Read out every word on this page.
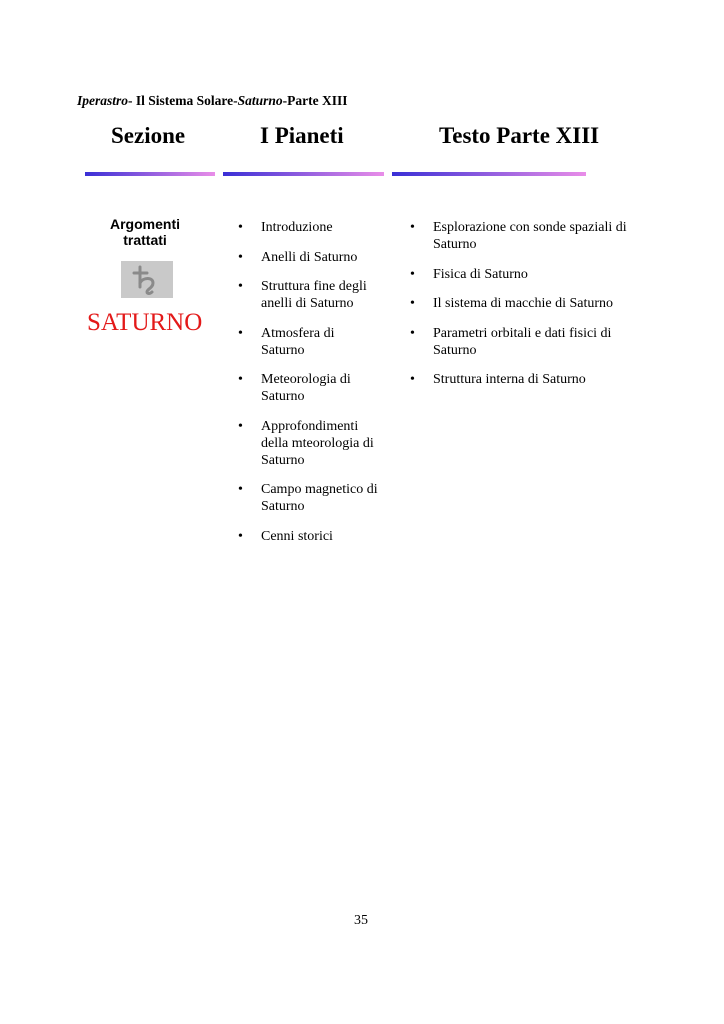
Iperastro- Il Sistema Solare-Saturno-Parte XIII
Sezione	I Pianeti	Testo Parte XIII
Argomenti trattati
SATURNO
• Introduzione
• Anelli di Saturno
• Struttura fine degli anelli di Saturno
• Atmosfera di Saturno
• Meteorologia di Saturno
• Approfondimenti della mteorologia di Saturno
• Campo magnetico di Saturno
• Cenni storici
• Esplorazione con sonde spaziali di Saturno
• Fisica di Saturno
• Il sistema di macchie di Saturno
• Parametri orbitali e dati fisici di Saturno
• Struttura interna di Saturno
35
